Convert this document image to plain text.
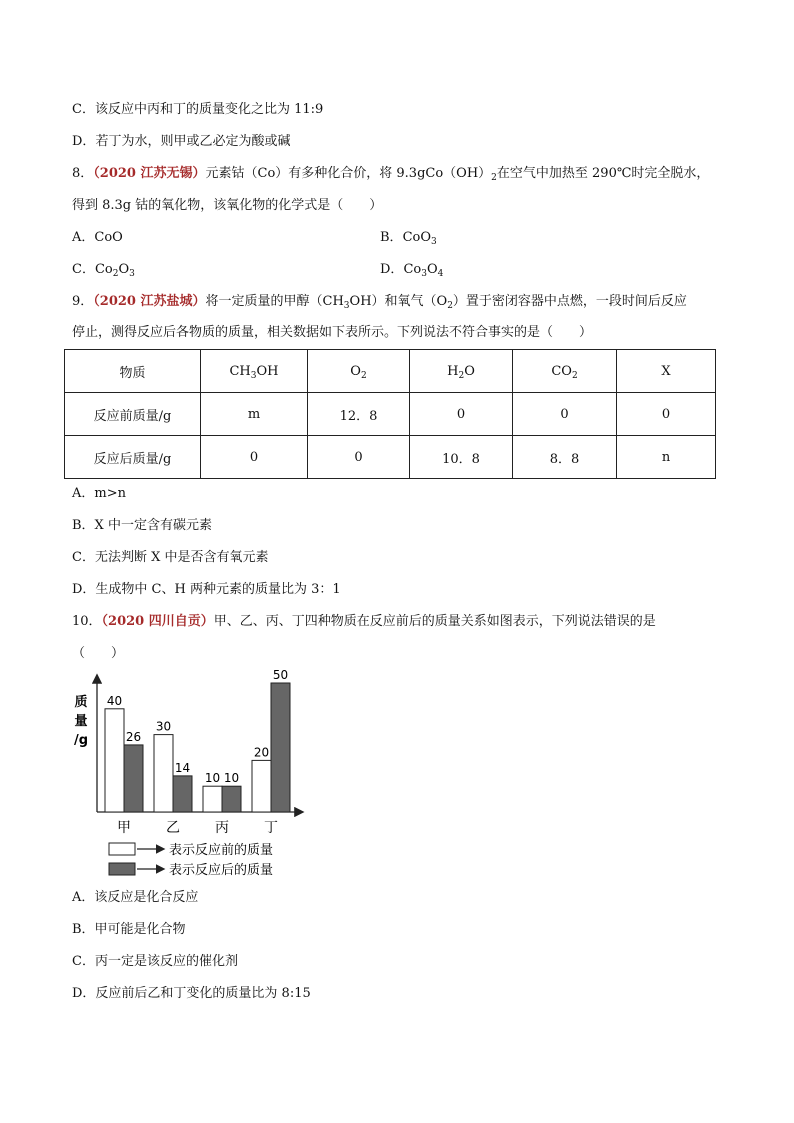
C．该反应中丙和丁的质量变化之比为 11:9
D．若丁为水，则甲或乙必定为酸或碱
8．（2020 江苏无锡）元素钴（Co）有多种化合价，将 $9.3gCo(OH)_2$在空气中加热至 290℃时完全脱水，
得到 8.3g 钴的氧化物，该氧化物的化学式是（　　）
A．CoO	B．CoO$_3$
C．$Co_2O_3$	D．$Co_3O_4$
9．（2020 江苏盐城）将一定质量的甲醇$(CH_3OH)$和氧气$(O_2)$置于密闭容器中点燃，一段时间后反应
停止，测得反应后各物质的质量，相关数据如下表所示。下列说法不符合事实的是（　　）
物质	$CH_3OH$	$O_2$	$H_2O$	$CO_2$	X
反应前质量/g	m	12．8	0	0	0
反应后质量/g	0	0	10．8	8．8	n
A．m>n
B．X 中一定含有碳元素
C．无法判断 X 中是否含有氧元素
D．生成物中 C、H 两种元素的质量比为 3：1
10．（2020 四川自贡）甲、乙、丙、丁四种物质在反应前后的质量关系如图表示，下列说法错误的是
（　　）
质
量
/g
40
26
甲
30
14
乙
10 10
丙
20
50
丁
表示反应前的质量
表示反应后的质量
A．该反应是化合反应
B．甲可能是化合物
C．丙一定是该反应的催化剂
D．反应前后乙和丁变化的质量比为 8:15
